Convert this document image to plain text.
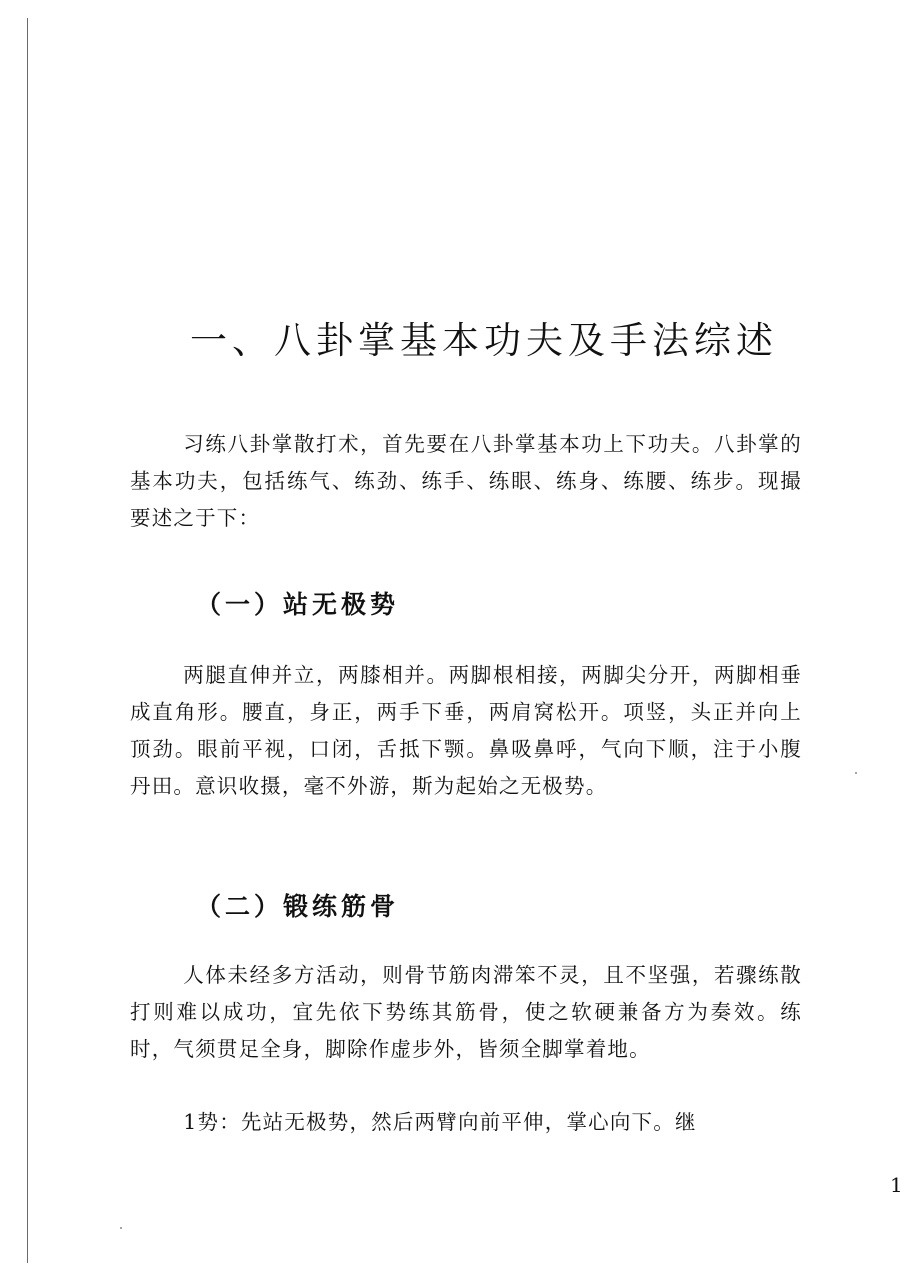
一、八卦掌基本功夫及手法综述

习练八卦掌散打术，首先要在八卦掌基本功上下功夫。八卦掌的基本功夫，包括练气、练劲、练手、练眼、练身、练腰、练步。现撮要述之于下：

（一）站无极势

两腿直伸并立，两膝相并。两脚根相接，两脚尖分开，两脚相垂成直角形。腰直，身正，两手下垂，两肩窝松开。项竖，头正并向上顶劲。眼前平视，口闭，舌抵下颚。鼻吸鼻呼，气向下顺，注于小腹丹田。意识收摄，毫不外游，斯为起始之无极势。

（二）锻练筋骨

人体未经多方活动，则骨节筋肉滞笨不灵，且不坚强，若骤练散打则难以成功，宜先依下势练其筋骨，使之软硬兼备方为奏效。练时，气须贯足全身，脚除作虚步外，皆须全脚掌着地。

1势：先站无极势，然后两臂向前平伸，掌心向下。继

1
